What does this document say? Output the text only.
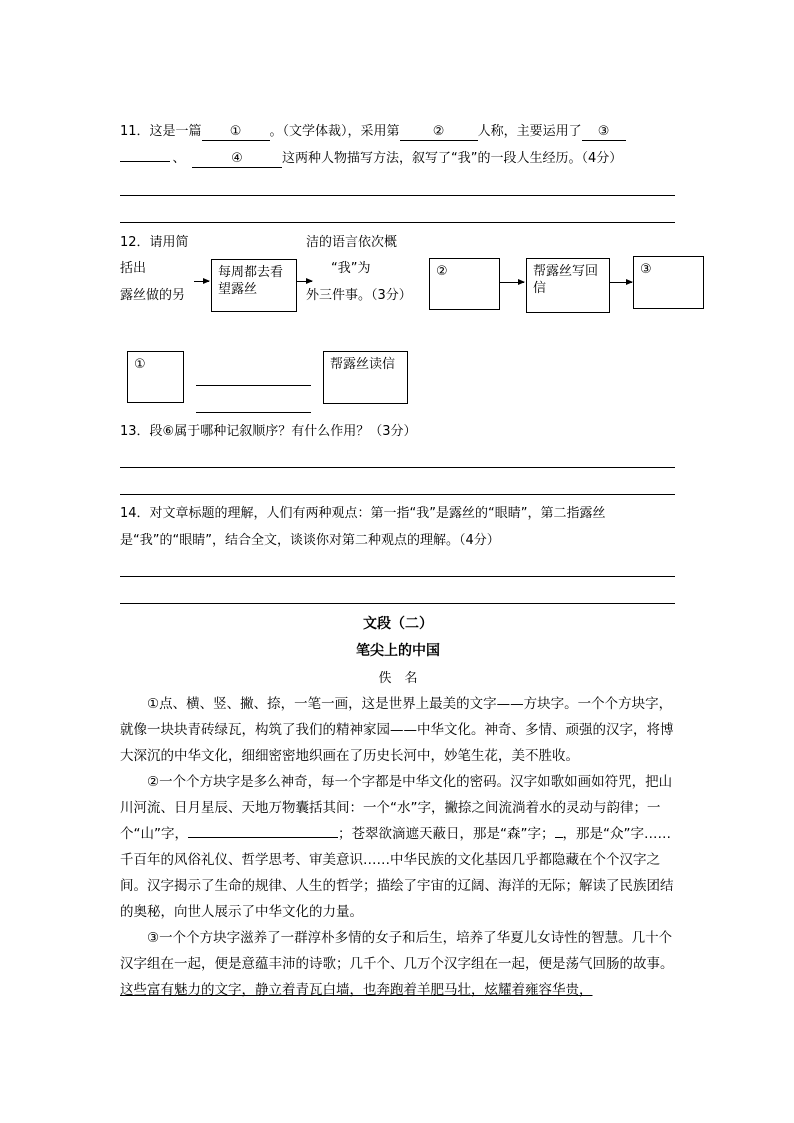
11．这是一篇 ① 。（文学体裁），采用第	②	人称，主要运用了 ③
、	④	这两种人物描写方法，叙写了“我”的一段人生经历。（4分）
12．请用简	洁的语言依次概
括出	“我”为
露丝做的另	外三件事。（3分）
每周都去看望露丝
②	帮露丝写回信
③
①	帮露丝读信
13．段⑥属于哪种记叙顺序？有什么作用？（3分）
14．对文章标题的理解，人们有两种观点：第一指“我”是露丝的“眼睛”，第二指露丝
是“我”的“眼睛”，结合全文，谈谈你对第二种观点的理解。（4分）
文段（二）
笔尖上的中国
佚　名

①点、横、竖、撇、捺，一笔一画，这是世界上最美的文字——方块字。一个个方块字，就像一块块青砖绿瓦，构筑了我们的精神家园——中华文化。神奇、多情、顽强的汉字，将博大深沉的中华文化，细细密密地织画在了历史长河中，妙笔生花，美不胜收。

②一个个方块字是多么神奇，每一个字都是中华文化的密码。汉字如歌如画如符咒，把山川河流、日月星辰、天地万物囊括其间：一个“水”字，撇捺之间流淌着水的灵动与韵律；一个“山”字，	；苍翠欲滴遮天蔽日，那是“森”字； ，那是“众”字……千百年的风俗礼仪、哲学思考、审美意识……中华民族的文化基因几乎都隐藏在个个汉字之间。汉字揭示了生命的规律、人生的哲学；描绘了宇宙的辽阔、海洋的无际；解读了民族团结的奥秘，向世人展示了中华文化的力量。

③一个个方块字滋养了一群淳朴多情的女子和后生，培养了华夏儿女诗性的智慧。几十个汉字组在一起，便是意蕴丰沛的诗歌；几千个、几万个汉字组在一起，便是荡气回肠的故事。这些富有魅力的文字，静立着青瓦白墙，也奔跑着羊肥马壮，炫耀着雍容华贵，
